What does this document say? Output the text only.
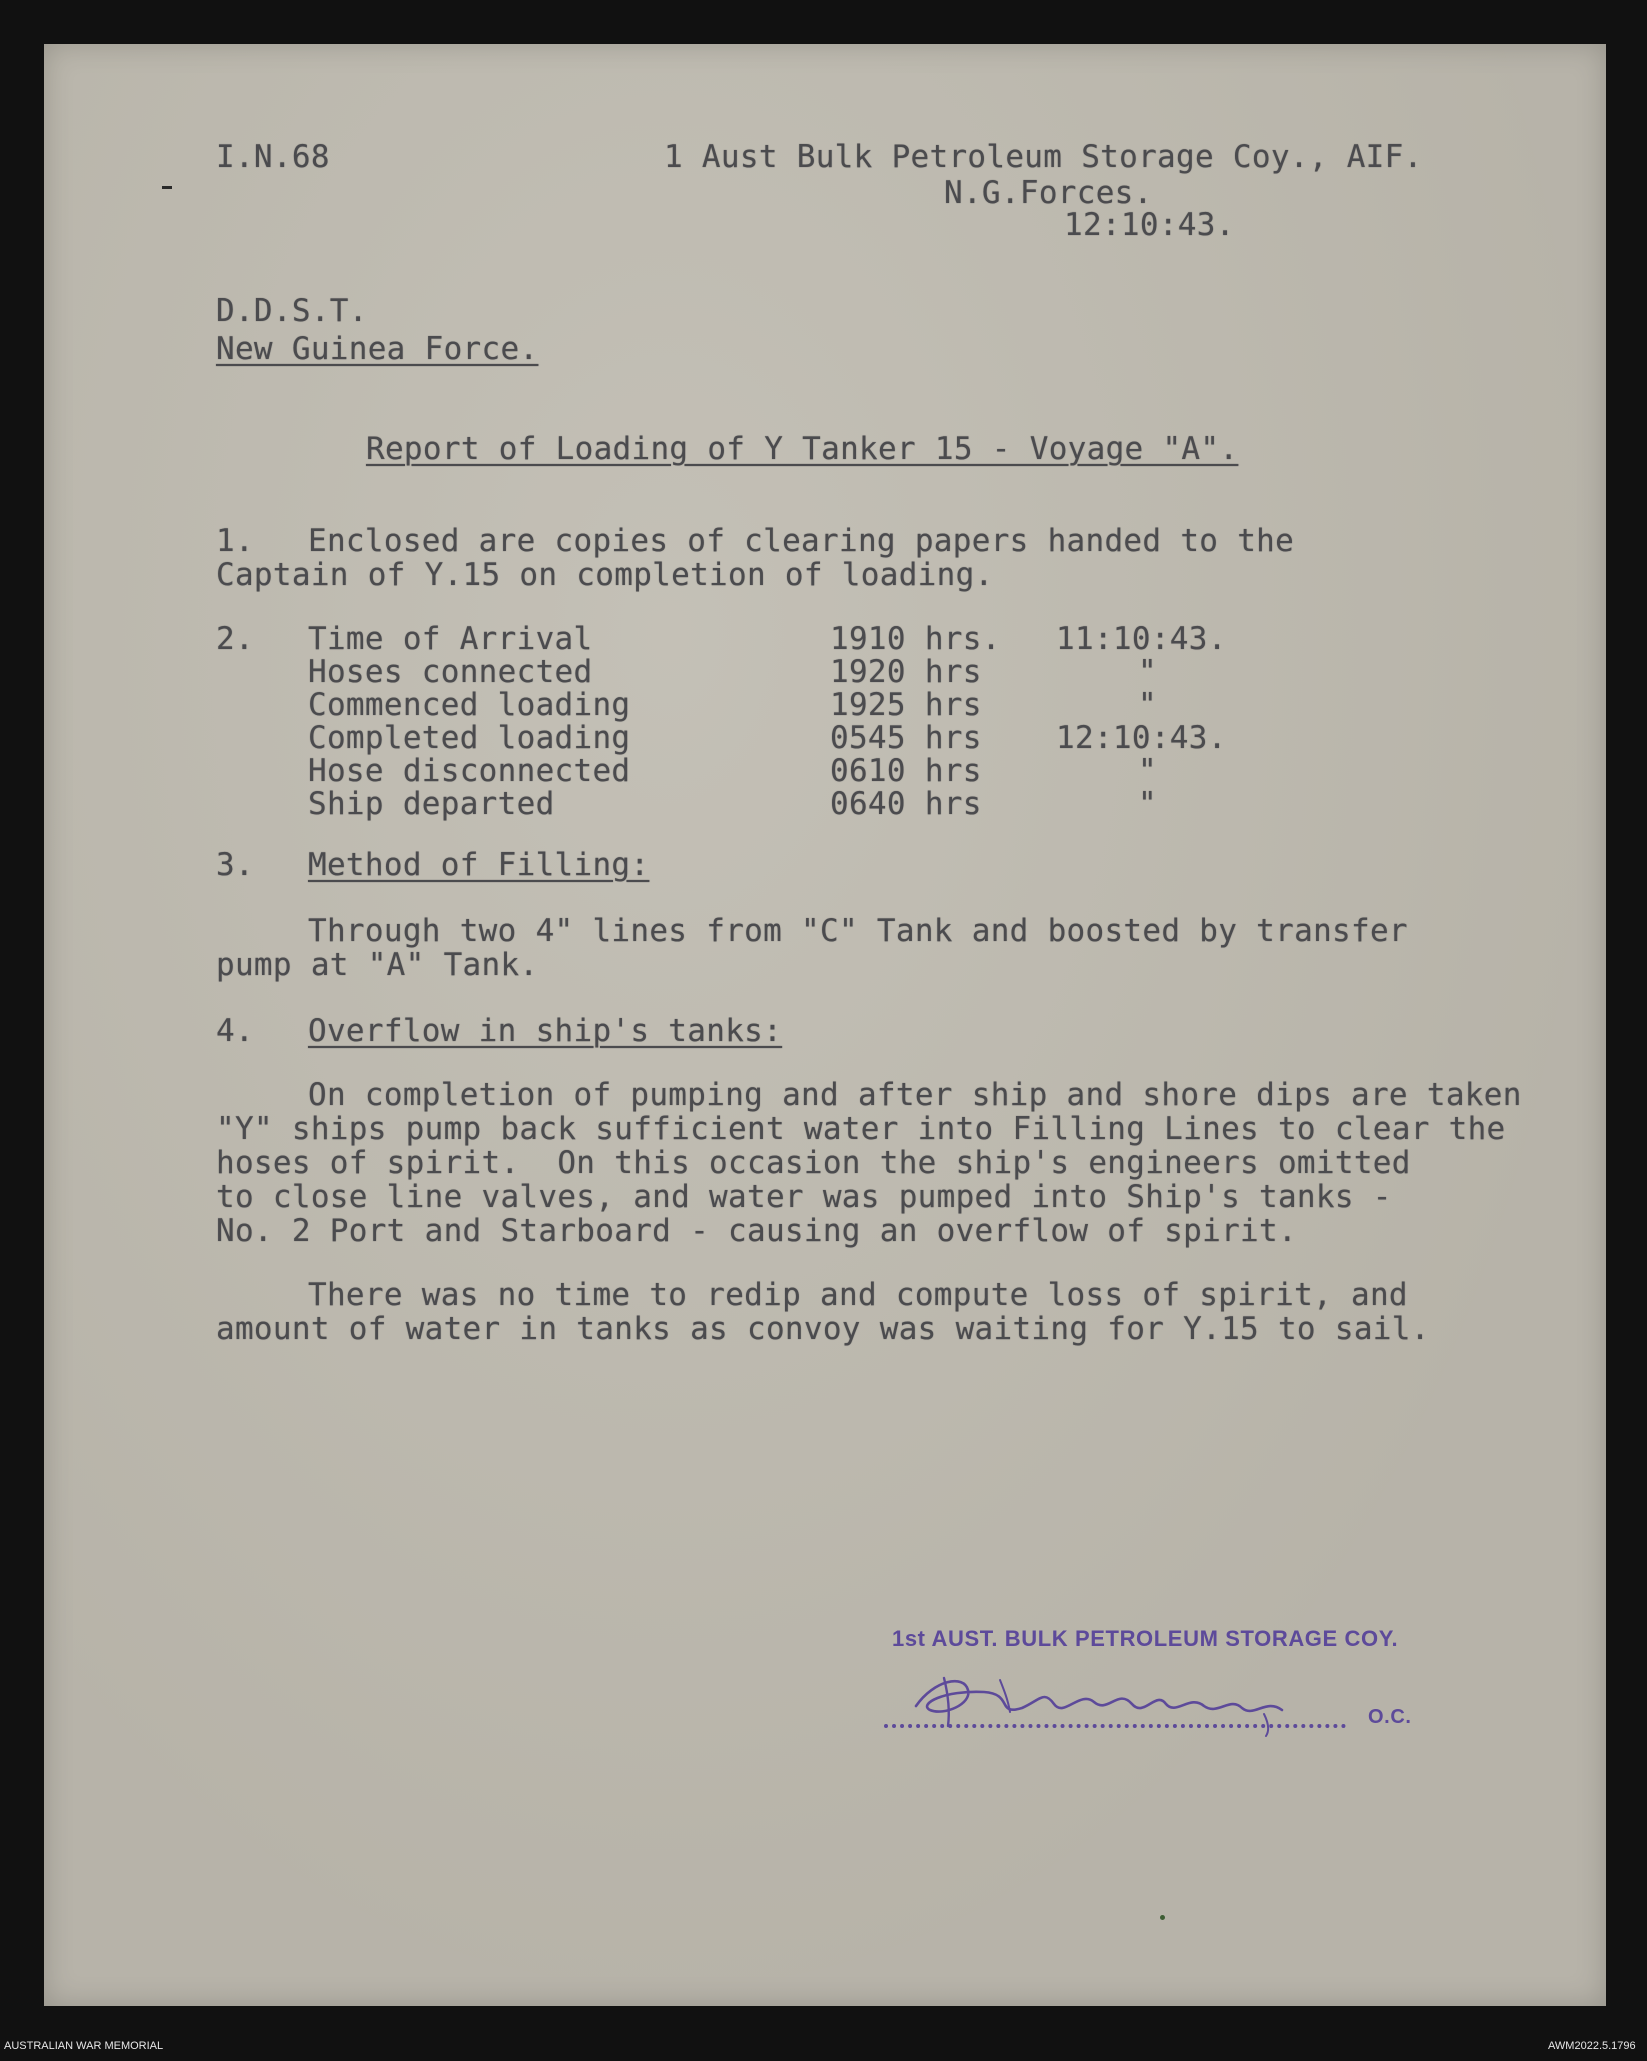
I.N.68	1 Aust Bulk Petroleum Storage Coy., AIF.
N.G.Forces.
12:10:43.
D.D.S.T.
New Guinea Force.
Report of Loading of Y Tanker 15 - Voyage "A".
1. Enclosed are copies of clearing papers handed to the
Captain of Y.15 on completion of loading.
2. Time of Arrival	1910 hrs. 11:10:43.
Hoses connected	1920 hrs	"
Commenced loading	1925 hrs	"
Completed loading	0545 hrs 12:10:43.
Hose disconnected	0610 hrs	"
Ship departed	0640 hrs	"
3. Method of Filling:
Through two 4" lines from "C" Tank and boosted by transfer
pump at "A" Tank.
4. Overflow in ship's tanks:
On completion of pumping and after ship and shore dips are taken
"Y" ships pump back sufficient water into Filling Lines to clear the
hoses of spirit.  On this occasion the ship's engineers omitted
to close line valves, and water was pumped into Ship's tanks -
No. 2 Port and Starboard - causing an overflow of spirit.
There was no time to redip and compute loss of spirit, and
amount of water in tanks as convoy was waiting for Y.15 to sail.
1st AUST. BULK PETROLEUM STORAGE COY.
O.C.
AUSTRALIAN WAR MEMORIAL	AWM2022.5.1796
